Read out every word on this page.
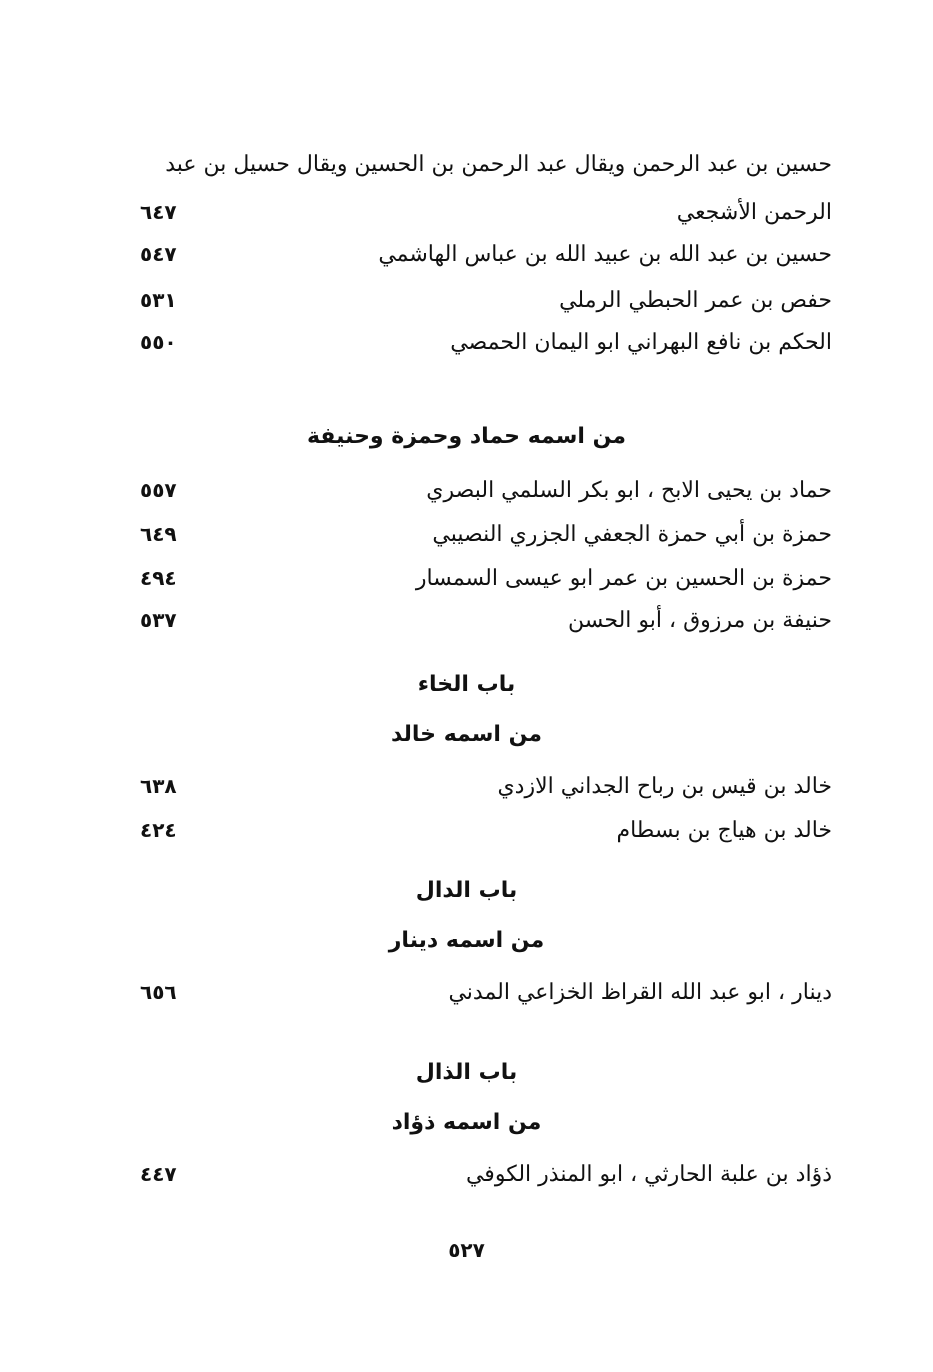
حسين بن عبد الرحمن ويقال عبد الرحمن بن الحسين ويقال حسيل بن عبد
٦٤٧	الرحمن الأشجعي
٥٤٧	حسين بن عبد الله بن عبيد الله بن عباس الهاشمي
٥٣١	حفص بن عمر الحبطي الرملي
٥٥٠	الحكم بن نافع البهراني ابو اليمان الحمصي
من اسمه حماد وحمزة وحنيفة
٥٥٧	حماد بن يحيى الابح ، ابو بكر السلمي البصري
٦٤٩	حمزة بن أبي حمزة الجعفي الجزري النصيبي
٤٩٤	حمزة بن الحسين بن عمر ابو عيسى السمسار
٥٣٧	حنيفة بن مرزوق ، أبو الحسن
باب الخاء
من اسمه خالد
٦٣٨	خالد بن قيس بن رباح الجداني الازدي
٤٢٤	خالد بن هياج بن بسطام
باب الدال
من اسمه دينار
٦٥٦	دينار ، ابو عبد الله القراظ الخزاعي المدني
باب الذال
من اسمه ذؤاد
٤٤٧	ذؤاد بن علبة الحارثي ، ابو المنذر الكوفي
٥٢٧
